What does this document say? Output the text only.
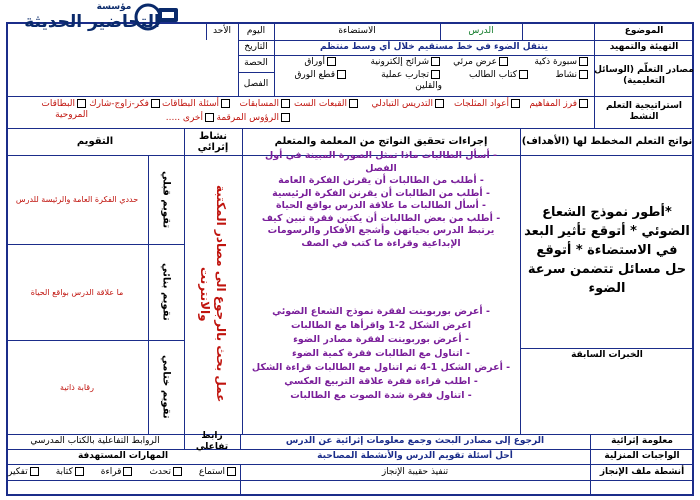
مؤسسة
التحاضير الحديثة	الموضوع
الدرس
الاستضاءة
اليوم
الأحد
التهيئة والتمهيد
ينتقل الضوء في خط مستقيم خلال أي وسط منتظم
التاريخ
الحصة
الفصل
مصادر التعلّم (الوسائل التعليمية)
سبورة ذكية
عرض مرئي
شرائح إلكترونية
أوراق
نشاط
كتاب الطالب
تجارب عملية والقلين
قطع الورق
استراتيجية التعلم النشط
فرز المفاهيم
أعواد المثلجات
التدريس التبادلي
القبعات الست
المسابقات
أسئلة البطاقات
فكر-زاوج-شارك
البطاقات المروحية	الرؤوس المرقمة
أخرى .....
نواتج التعلم المخطط لها (الأهداف)
إجراءات تحقيق النواتج من المعلمة والمتعلم
نشاط إثرائي
التقويم
*أطور نموذج الشعاع الضوئي * أتوقع تأثير البعد في الاستضاءة * أتوقع حل مسائل تتضمن سرعة الضوء
الخبرات السابقة
- أسأل الطالبات ماذا تمثل الصورة المبينة في أول الفصل
- أطلب من الطالبات أن يقرنن الفكرة العامة
- أطلب من الطالبات أن يقرنن الفكرة الرئيسية
- أسأل الطالبات ما علاقة الدرس بواقع الحياة
- أطلب من بعض الطالبات أن يكتبن فقرة تبين كيف يرتبط الدرس بحياتهن وأشجع الأفكار والرسومات الإبداعية وقراءة ما كتب في الصف
- أعرض بوربوينت لفقرة نموذج الشعاع الضوئي
اعرض الشكل 2-1 واقرأها مع الطالبات
- أعرض بوربوينت لفقرة مصادر الضوء
- اتناول مع الطالبات فقرة كمية الضوء
- أعرض الشكل 1-4 ثم اتناول مع الطالبات قراءة الشكل
- اطلب قراءة فقرة علاقة التربيع العكسي
- اتناول فقرة شدة الصوت مع الطالبات
عمل بحث بالرجوع الى مصادر المكتبة والانترنت
تقويم قبلي
تقويم بنائي
تقويم ختامي
حددي الفكرة العامة والرئيسة للدرس
ما علاقة الدرس بواقع الحياة
رقابة ذاتية
معلومة إثرائية
الرجوع إلى مصادر البحث وجمع معلومات إثرائية عن الدرس
رابط تفاعلي
الروابط التفاعلية بالكتاب المدرسي
الواجبات المنزلية
أحل أسئلة تقويم الدرس والأنشطة المصاحبة
المهارات المستهدفة
أنشطة ملف الإنجاز
تنفيذ حقيبة الإنجاز
استماع
تحدث
قراءة
كتابة
تفكير
